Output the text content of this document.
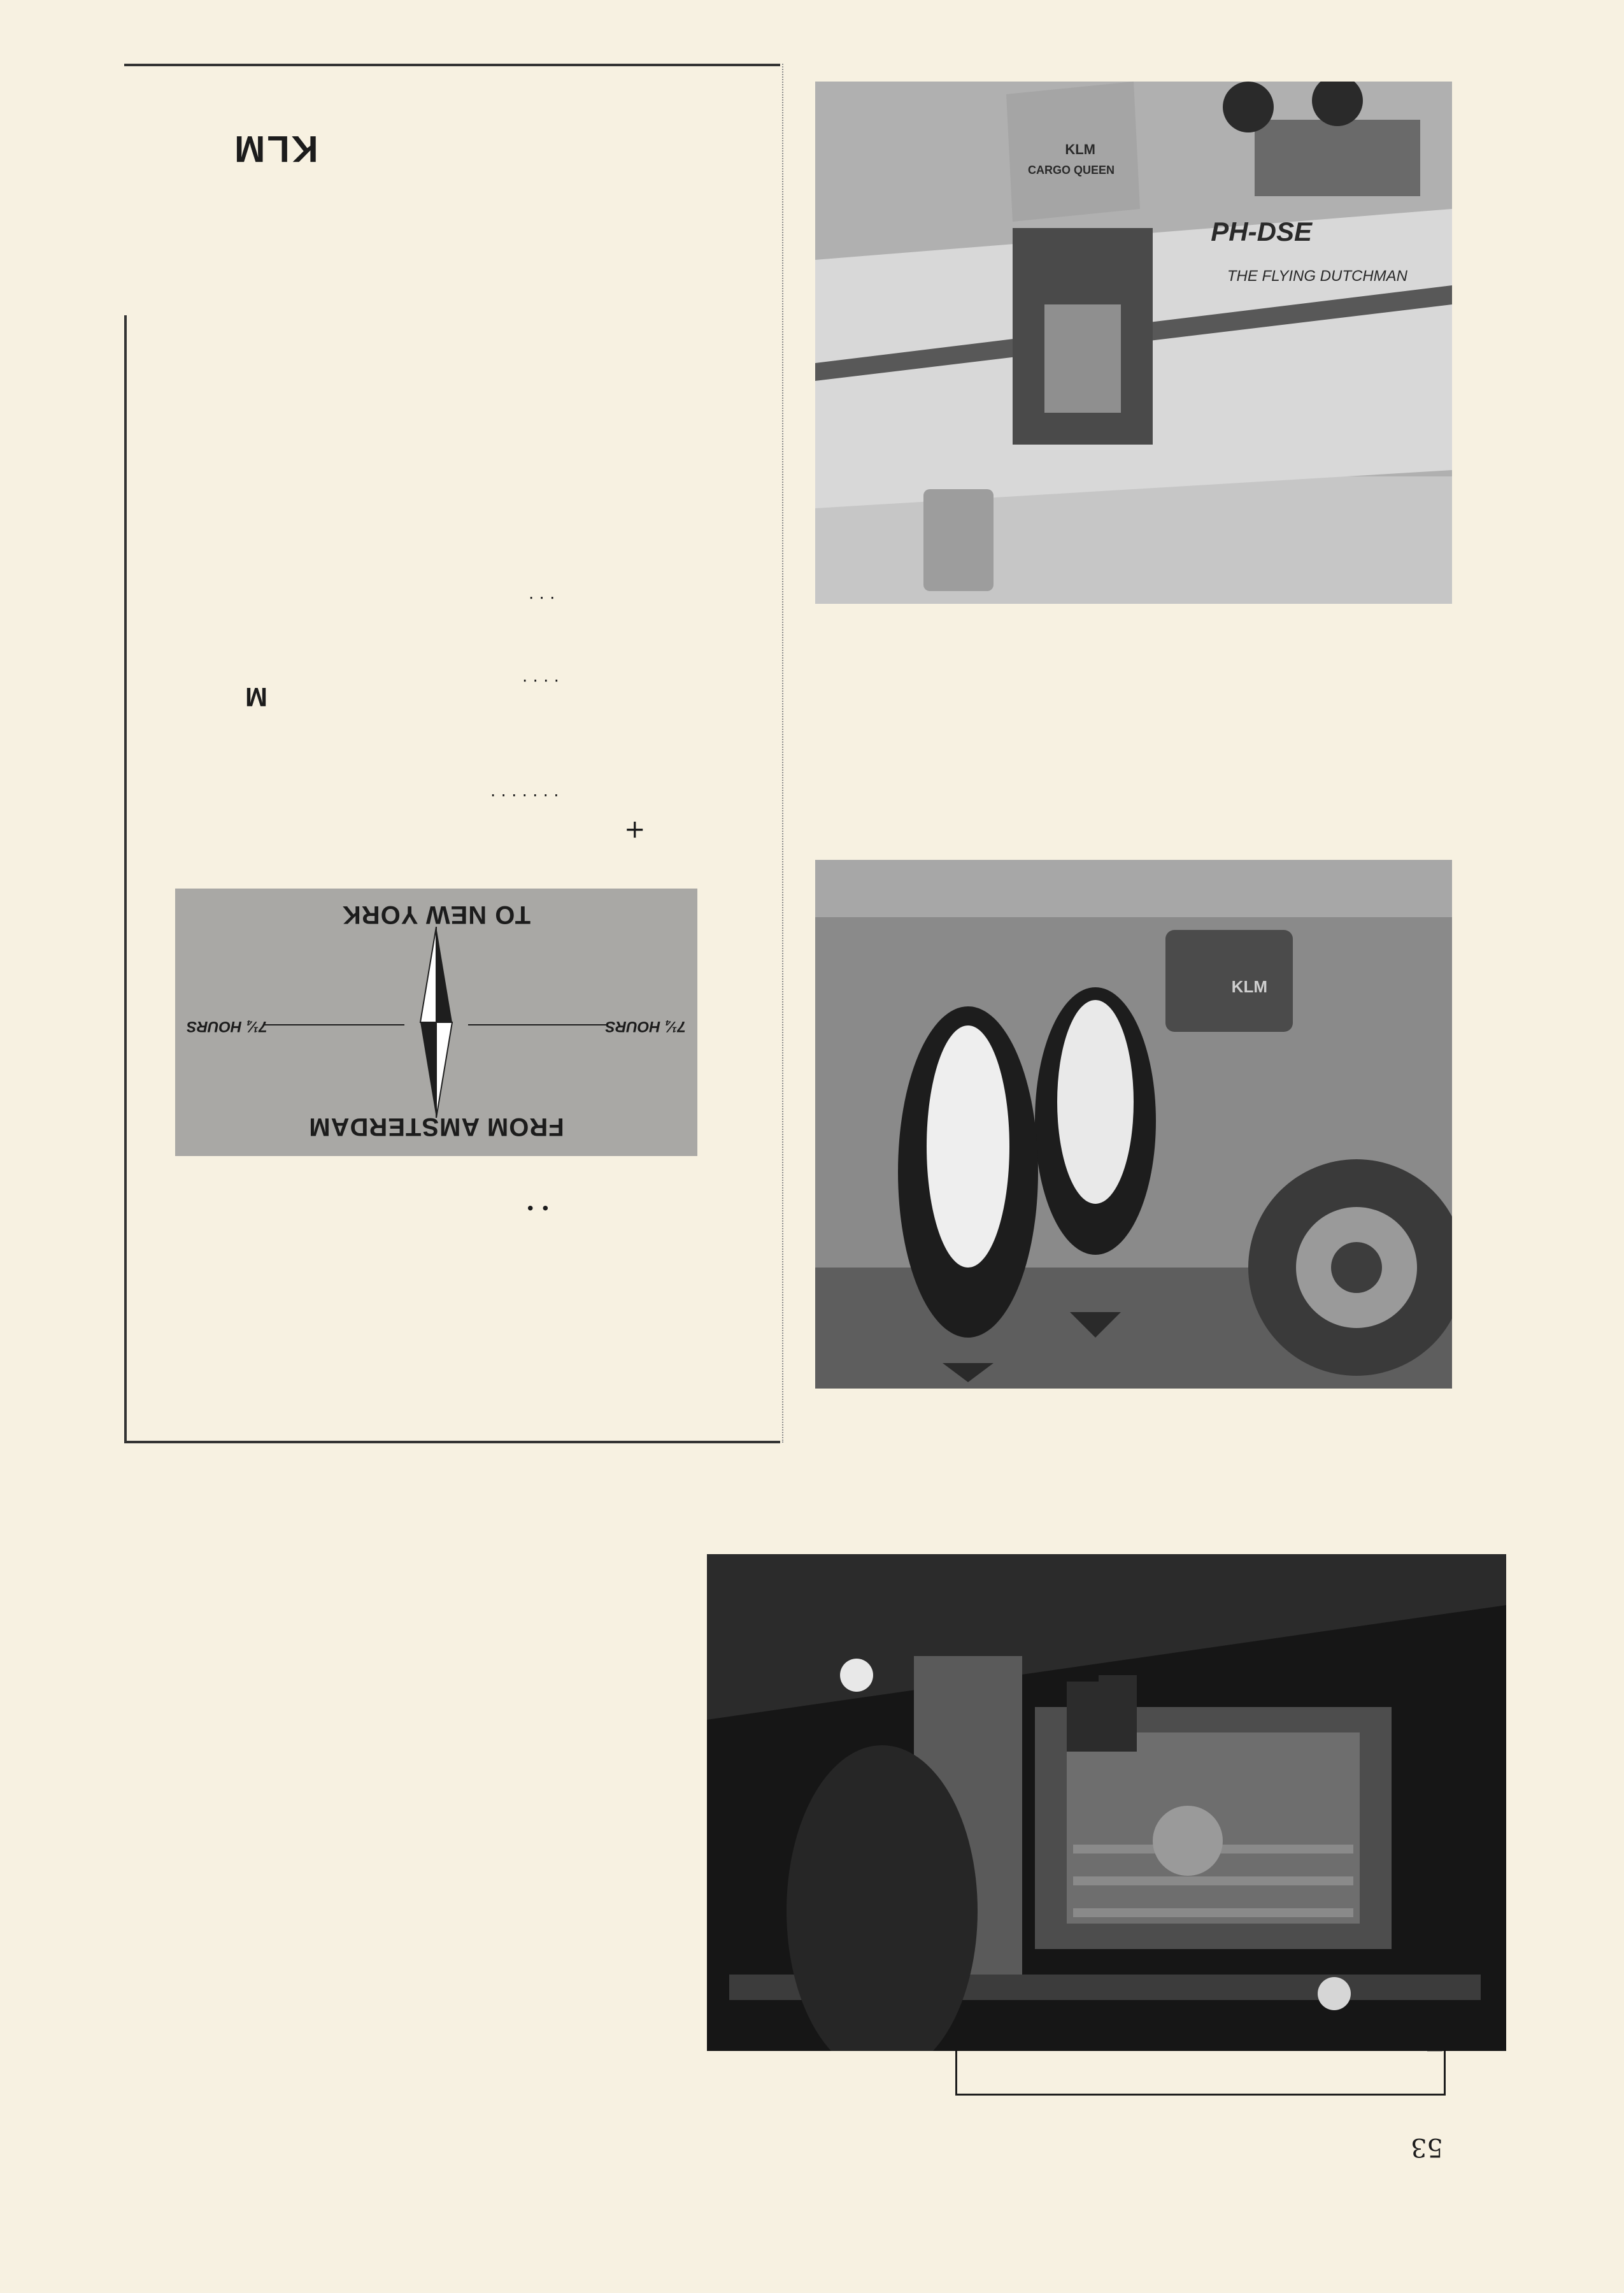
53
KLM
THE FLYING DUTCHMAN
PH-DSE
KLM
CARGO QUEEN
KLM
M
• •
+
. . . . . . .
. . . .
. . .
FROM AMSTERDAM
TO NEW YORK
7¼ HOURS
7¼ HOURS
